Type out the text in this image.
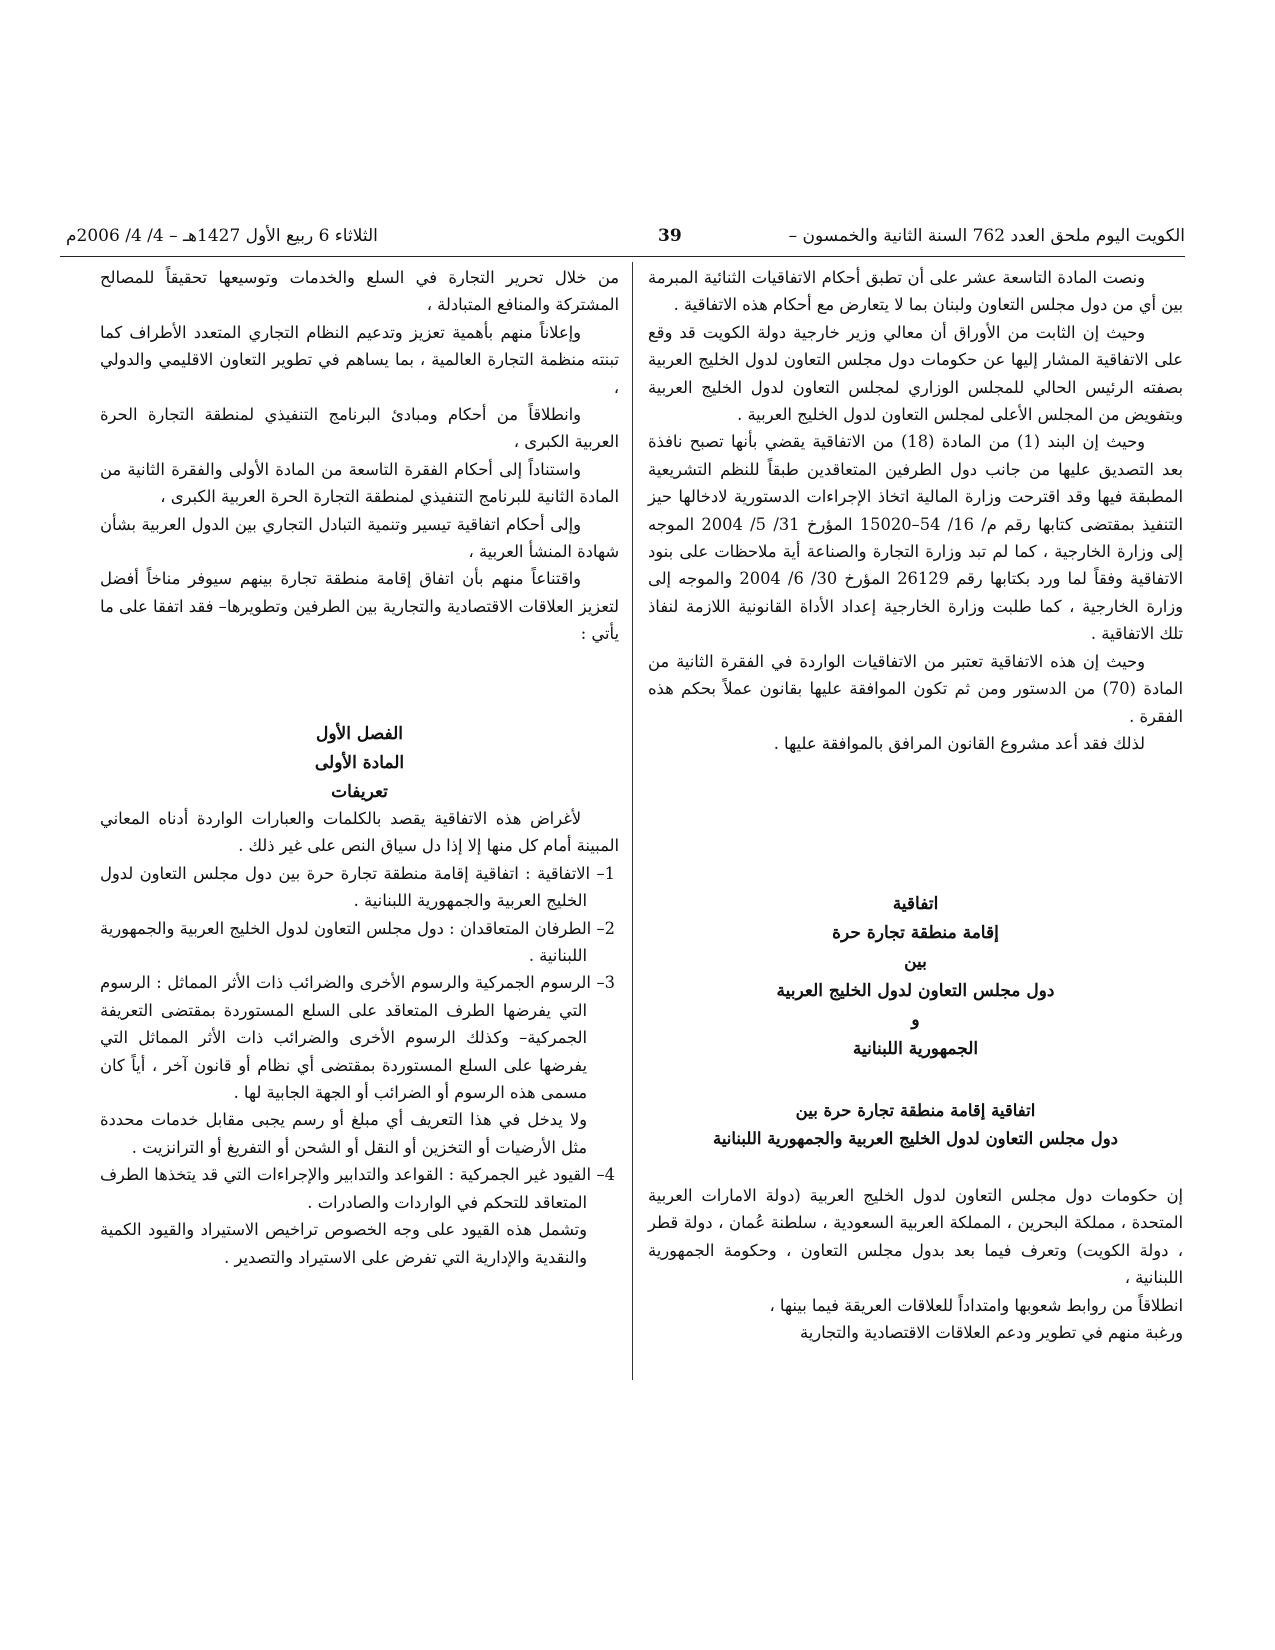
الكويت اليوم ملحق العدد 762 السنة الثانية والخمسون –
39
الثلاثاء 6 ربيع الأول 1427هـ – 4/ 4/ 2006م

ونصت المادة التاسعة عشر على أن تطبق أحكام الاتفاقيات الثنائية المبرمة بين أي من دول مجلس التعاون ولبنان بما لا يتعارض مع أحكام هذه الاتفاقية .

وحيث إن الثابت من الأوراق أن معالي وزير خارجية دولة الكويت قد وقع على الاتفاقية المشار إليها عن حكومات دول مجلس التعاون لدول الخليج العربية بصفته الرئيس الحالي للمجلس الوزاري لمجلس التعاون لدول الخليج العربية وبتفويض من المجلس الأعلى لمجلس التعاون لدول الخليج العربية .

وحيث إن البند (1) من المادة (18) من الاتفاقية يقضي بأنها تصبح نافذة بعد التصديق عليها من جانب دول الطرفين المتعاقدين طبقاً للنظم التشريعية المطبقة فيها وقد اقترحت وزارة المالية اتخاذ الإجراءات الدستورية لادخالها حيز التنفيذ بمقتضى كتابها رقم م/ 16/ 54–15020 المؤرخ 31/ 5/ 2004 الموجه إلى وزارة الخارجية ، كما لم تبد وزارة التجارة والصناعة أية ملاحظات على بنود الاتفاقية وفقاً لما ورد بكتابها رقم 26129 المؤرخ 30/ 6/ 2004 والموجه إلى وزارة الخارجية ، كما طلبت وزارة الخارجية إعداد الأداة القانونية اللازمة لنفاذ تلك الاتفاقية .

وحيث إن هذه الاتفاقية تعتبر من الاتفاقيات الواردة في الفقرة الثانية من المادة (70) من الدستور ومن ثم تكون الموافقة عليها بقانون عملاً بحكم هذه الفقرة .

لذلك فقد أعد مشروع القانون المرافق بالموافقة عليها .

اتفاقية
إقامة منطقة تجارة حرة
بين
دول مجلس التعاون لدول الخليج العربية
و
الجمهورية اللبنانية
اتفاقية إقامة منطقة تجارة حرة بين
دول مجلس التعاون لدول الخليج العربية والجمهورية اللبنانية

إن حكومات دول مجلس التعاون لدول الخليج العربية (دولة الامارات العربية المتحدة ، مملكة البحرين ، المملكة العربية السعودية ، سلطنة عُمان ، دولة قطر ، دولة الكويت) وتعرف فيما بعد بدول مجلس التعاون ، وحكومة الجمهورية اللبنانية ،

انطلاقاً من روابط شعوبها وامتداداً للعلاقات العريقة فيما بينها ،

ورغبة منهم في تطوير ودعم العلاقات الاقتصادية والتجارية

من خلال تحرير التجارة في السلع والخدمات وتوسيعها تحقيقاً للمصالح المشتركة والمنافع المتبادلة ،

وإعلاناً منهم بأهمية تعزيز وتدعيم النظام التجاري المتعدد الأطراف كما تبنته منظمة التجارة العالمية ، بما يساهم في تطوير التعاون الاقليمي والدولي ،

وانطلاقاً من أحكام ومبادئ البرنامج التنفيذي لمنطقة التجارة الحرة العربية الكبرى ،

واستناداً إلى أحكام الفقرة التاسعة من المادة الأولى والفقرة الثانية من المادة الثانية للبرنامج التنفيذي لمنطقة التجارة الحرة العربية الكبرى ،

وإلى أحكام اتفاقية تيسير وتنمية التبادل التجاري بين الدول العربية بشأن شهادة المنشأ العربية ،

واقتناعاً منهم بأن اتفاق إقامة منطقة تجارة بينهم سيوفر مناخاً أفضل لتعزيز العلاقات الاقتصادية والتجارية بين الطرفين وتطويرها– فقد اتفقا على ما يأتي :

الفصل الأول
المادة الأولى
تعريفات

لأغراض هذه الاتفاقية يقصد بالكلمات والعبارات الواردة أدناه المعاني المبينة أمام كل منها إلا إذا دل سياق النص على غير ذلك .

1– الاتفاقية : اتفاقية إقامة منطقة تجارة حرة بين دول مجلس التعاون لدول الخليج العربية والجمهورية اللبنانية .

2– الطرفان المتعاقدان : دول مجلس التعاون لدول الخليج العربية والجمهورية اللبنانية .

3– الرسوم الجمركية والرسوم الأخرى والضرائب ذات الأثر المماثل : الرسوم التي يفرضها الطرف المتعاقد على السلع المستوردة بمقتضى التعريفة الجمركية– وكذلك الرسوم الأخرى والضرائب ذات الأثر المماثل التي يفرضها على السلع المستوردة بمقتضى أي نظام أو قانون آخر ، أياً كان مسمى هذه الرسوم أو الضرائب أو الجهة الجابية لها .

ولا يدخل في هذا التعريف أي مبلغ أو رسم يجبى مقابل خدمات محددة مثل الأرضيات أو التخزين أو النقل أو الشحن أو التفريغ أو الترانزيت .

4– القيود غير الجمركية : القواعد والتدابير والإجراءات التي قد يتخذها الطرف المتعاقد للتحكم في الواردات والصادرات .

وتشمل هذه القيود على وجه الخصوص تراخيص الاستيراد والقيود الكمية والنقدية والإدارية التي تفرض على الاستيراد والتصدير .
